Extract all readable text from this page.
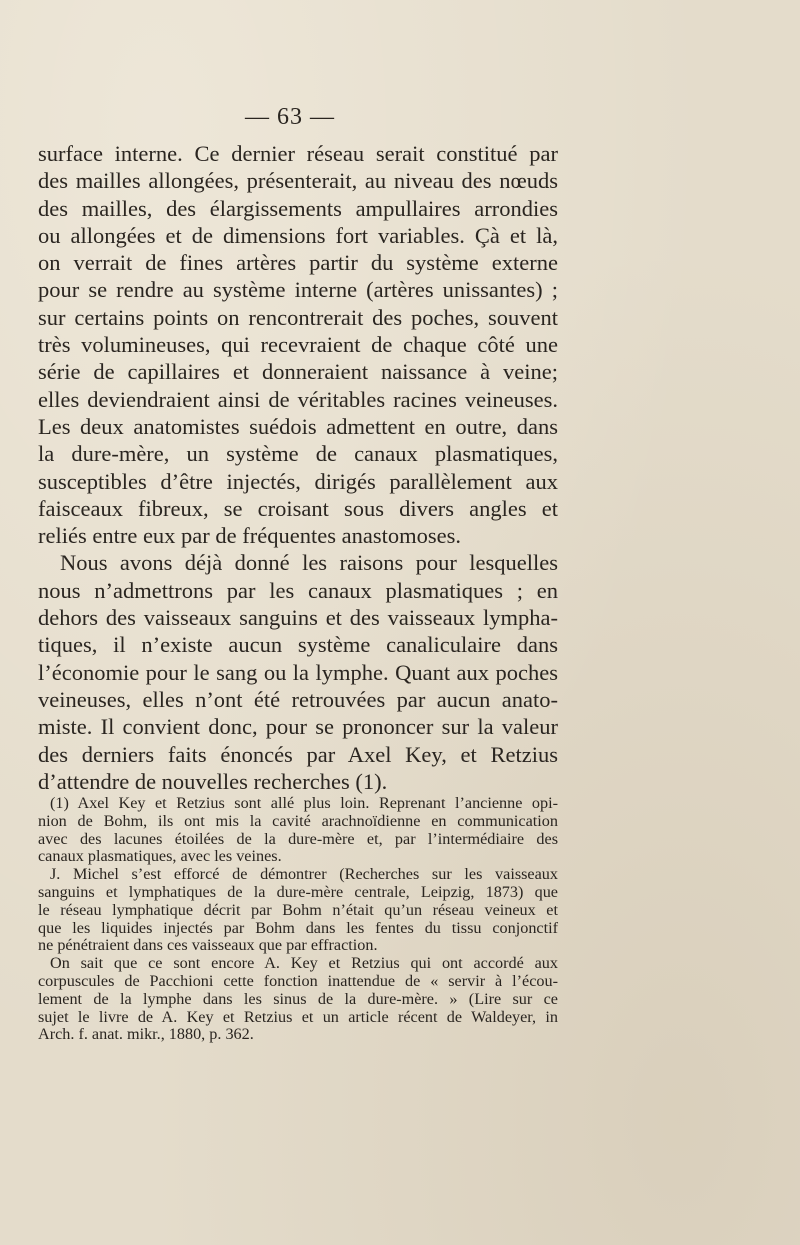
— 63 —
surface interne. Ce dernier réseau serait constitué par
des mailles allongées, présenterait, au niveau des nœuds
des mailles, des élargissements ampullaires arrondies
ou allongées et de dimensions fort variables. Çà et là,
on verrait de fines artères partir du système externe
pour se rendre au système interne (artères unissantes) ;
sur certains points on rencontrerait des poches, souvent
très volumineuses, qui recevraient de chaque côté une
série de capillaires et donneraient naissance à veine;
elles deviendraient ainsi de véritables racines veineuses.
Les deux anatomistes suédois admettent en outre, dans
la dure-mère, un système de canaux plasmatiques,
susceptibles d’être injectés, dirigés parallèlement aux
faisceaux fibreux, se croisant sous divers angles et
reliés entre eux par de fréquentes anastomoses.
Nous avons déjà donné les raisons pour lesquelles
nous n’admettrons par les canaux plasmatiques ; en
dehors des vaisseaux sanguins et des vaisseaux lympha-
tiques, il n’existe aucun système canaliculaire dans
l’économie pour le sang ou la lymphe. Quant aux poches
veineuses, elles n’ont été retrouvées par aucun anato-
miste. Il convient donc, pour se prononcer sur la valeur
des derniers faits énoncés par Axel Key, et Retzius
d’attendre de nouvelles recherches (1).
(1) Axel Key et Retzius sont allé plus loin. Reprenant l’ancienne opi-
nion de Bohm, ils ont mis la cavité arachnoïdienne en communication
avec des lacunes étoilées de la dure-mère et, par l’intermédiaire des
canaux plasmatiques, avec les veines.
J. Michel s’est efforcé de démontrer (Recherches sur les vaisseaux
sanguins et lymphatiques de la dure-mère centrale, Leipzig, 1873) que
le réseau lymphatique décrit par Bohm n’était qu’un réseau veineux et
que les liquides injectés par Bohm dans les fentes du tissu conjonctif
ne pénétraient dans ces vaisseaux que par effraction.
On sait que ce sont encore A. Key et Retzius qui ont accordé aux
corpuscules de Pacchioni cette fonction inattendue de « servir à l’écou-
lement de la lymphe dans les sinus de la dure-mère. » (Lire sur ce
sujet le livre de A. Key et Retzius et un article récent de Waldeyer, in
Arch. f. anat. mikr., 1880, p. 362.
